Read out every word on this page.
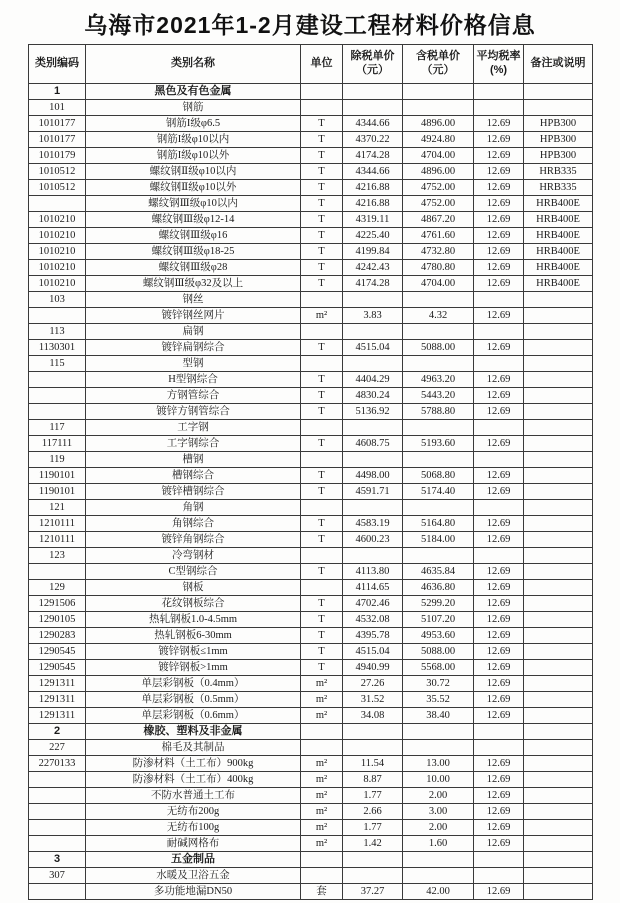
乌海市2021年1-2月建设工程材料价格信息
类别编码	类别名称	单位	除税单价（元）	含税单价（元）	平均税率(%)	备注或说明
1	黑色及有色金属					
101	钢筋					
1010177	钢筋I级φ6.5	T	4344.66	4896.00	12.69	HPB300
1010177	钢筋I级φ10以内	T	4370.22	4924.80	12.69	HPB300
1010179	钢筋I级φ10以外	T	4174.28	4704.00	12.69	HPB300
1010512	螺纹钢Ⅱ级φ10以内	T	4344.66	4896.00	12.69	HRB335
1010512	螺纹钢Ⅱ级φ10以外	T	4216.88	4752.00	12.69	HRB335
	螺纹钢Ⅲ级φ10以内	T	4216.88	4752.00	12.69	HRB400E
1010210	螺纹钢Ⅲ级φ12-14	T	4319.11	4867.20	12.69	HRB400E
1010210	螺纹钢Ⅲ级φ16	T	4225.40	4761.60	12.69	HRB400E
1010210	螺纹钢Ⅲ级φ18-25	T	4199.84	4732.80	12.69	HRB400E
1010210	螺纹钢Ⅲ级φ28	T	4242.43	4780.80	12.69	HRB400E
1010210	螺纹钢Ⅲ级φ32及以上	T	4174.28	4704.00	12.69	HRB400E
103	钢丝					
	镀锌钢丝网片	m²	3.83	4.32	12.69	
113	扁钢					
1130301	镀锌扁钢综合	T	4515.04	5088.00	12.69	
115	型钢					
	H型钢综合	T	4404.29	4963.20	12.69	
	方钢管综合	T	4830.24	5443.20	12.69	
	镀锌方钢管综合	T	5136.92	5788.80	12.69	
117	工字钢					
117111	工字钢综合	T	4608.75	5193.60	12.69	
119	槽钢					
1190101	槽钢综合	T	4498.00	5068.80	12.69	
1190101	镀锌槽钢综合	T	4591.71	5174.40	12.69	
121	角钢					
1210111	角钢综合	T	4583.19	5164.80	12.69	
1210111	镀锌角钢综合	T	4600.23	5184.00	12.69	
123	冷弯钢材					
	C型钢综合	T	4113.80	4635.84	12.69	
129	钢板		4114.65	4636.80	12.69	
1291506	花纹钢板综合	T	4702.46	5299.20	12.69	
1290105	热轧钢板1.0-4.5mm	T	4532.08	5107.20	12.69	
1290283	热轧钢板6-30mm	T	4395.78	4953.60	12.69	
1290545	镀锌钢板≤1mm	T	4515.04	5088.00	12.69	
1290545	镀锌钢板>1mm	T	4940.99	5568.00	12.69	
1291311	单层彩钢板（0.4mm）	m²	27.26	30.72	12.69	
1291311	单层彩钢板（0.5mm）	m²	31.52	35.52	12.69	
1291311	单层彩钢板（0.6mm）	m²	34.08	38.40	12.69	
2	橡胶、塑料及非金属					
227	棉毛及其制品					
2270133	防渗材料（土工布）900kg	m²	11.54	13.00	12.69	
	防渗材料（土工布）400kg	m²	8.87	10.00	12.69	
	不防水普通土工布	m²	1.77	2.00	12.69	
	无纺布200g	m²	2.66	3.00	12.69	
	无纺布100g	m²	1.77	2.00	12.69	
	耐碱网格布	m²	1.42	1.60	12.69	
3	五金制品					
307	水暖及卫浴五金					
	多功能地漏DN50	套	37.27	42.00	12.69	
